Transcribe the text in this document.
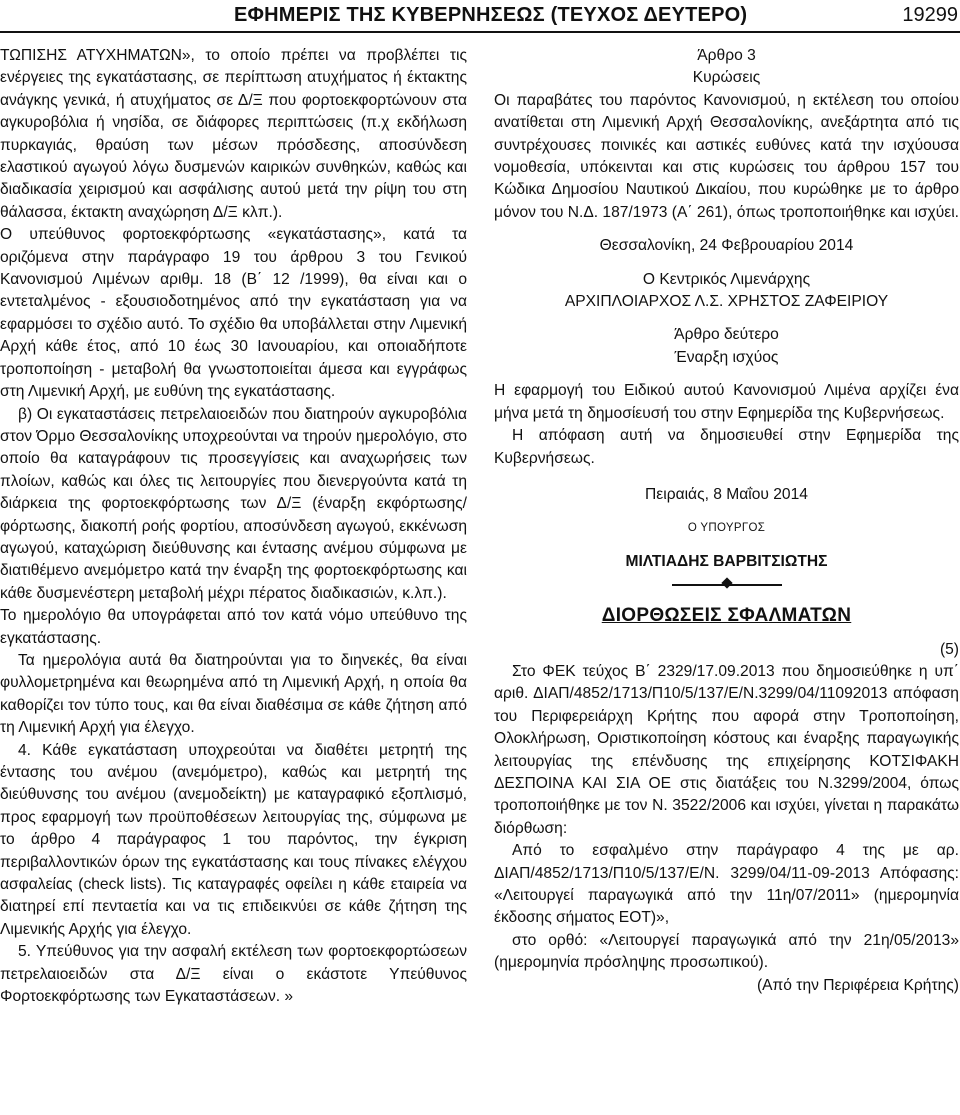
ΕΦΗΜΕΡΙΣ ΤΗΣ ΚΥΒΕΡΝΗΣΕΩΣ (ΤΕΥΧΟΣ ΔΕΥΤΕΡΟ)	19299

ΤΩΠΙΣΗΣ ΑΤΥΧΗΜΑΤΩΝ», το οποίο πρέπει να προβλέπει τις ενέργειες της εγκατάστασης, σε περίπτωση ατυχήματος ή έκτακτης ανάγκης γενικά, ή ατυχήματος σε Δ/Ξ που φορτοεκφορτώνουν στα αγκυροβόλια ή νησίδα, σε διάφορες περιπτώσεις (π.χ εκδήλωση πυρκαγιάς, θραύση των μέσων πρόσδεσης, αποσύνδεση ελαστικού αγωγού λόγω δυσμενών καιρικών συνθηκών, καθώς και διαδικασία χειρισμού και ασφάλισης αυτού μετά την ρίψη του στη θάλασσα, έκτακτη αναχώρηση Δ/Ξ κλπ.).

Ο υπεύθυνος φορτοεκφόρτωσης «εγκατάστασης», κατά τα οριζόμενα στην παράγραφο 19 του άρθρου 3 του Γενικού Κανονισμού Λιμένων αριθμ. 18 (Β΄ 12 /1999), θα είναι και ο εντεταλμένος - εξουσιοδοτημένος από την εγκατάσταση για να εφαρμόσει το σχέδιο αυτό. Το σχέδιο θα υποβάλλεται στην Λιμενική Αρχή κάθε έτος, από 10 έως 30 Ιανουαρίου, και οποιαδήποτε τροποποίηση - μεταβολή θα γνωστοποιείται άμεσα και εγγράφως στη Λιμενική Αρχή, με ευθύνη της εγκατάστασης.

β) Οι εγκαταστάσεις πετρελαιοειδών που διατηρούν αγκυροβόλια στον Όρμο Θεσσαλονίκης υποχρεούνται να τηρούν ημερολόγιο, στο οποίο θα καταγράφουν τις προσεγγίσεις και αναχωρήσεις των πλοίων, καθώς και όλες τις λειτουργίες που διενεργούντα κατά τη διάρκεια της φορτοεκφόρτωσης των Δ/Ξ (έναρξη εκφόρτωσης/φόρτωσης, διακοπή ροής φορτίου, αποσύνδεση αγωγού, εκκένωση αγωγού, καταχώριση διεύθυνσης και έντασης ανέμου σύμφωνα με διατιθέμενο ανεμόμετρο κατά την έναρξη της φορτοεκφόρτωσης και κάθε δυσμενέστερη μεταβολή μέχρι πέρατος διαδικασιών, κ.λπ.).

Το ημερολόγιο θα υπογράφεται από τον κατά νόμο υπεύθυνο της εγκατάστασης.

Τα ημερολόγια αυτά θα διατηρούνται για το διηνεκές, θα είναι φυλλομετρημένα και θεωρημένα από τη Λιμενική Αρχή, η οποία θα καθορίζει τον τύπο τους, και θα είναι διαθέσιμα σε κάθε ζήτηση από τη Λιμενική Αρχή για έλεγχο.

4. Κάθε εγκατάσταση υποχρεούται να διαθέτει μετρητή της έντασης του ανέμου (ανεμόμετρο), καθώς και μετρητή της διεύθυνσης του ανέμου (ανεμοδείκτη) με καταγραφικό εξοπλισμό, προς εφαρμογή των προϋποθέσεων λειτουργίας της, σύμφωνα με το άρθρο 4 παράγραφος 1 του παρόντος, την έγκριση περιβαλλοντικών όρων της εγκατάστασης και τους πίνακες ελέγχου ασφαλείας (check lists). Τις καταγραφές οφείλει η κάθε εταιρεία να διατηρεί επί πενταετία και να τις επιδεικνύει σε κάθε ζήτηση της Λιμενικής Αρχής για έλεγχο.

5. Υπεύθυνος για την ασφαλή εκτέλεση των φορτοεκφορτώσεων πετρελαιοειδών στα Δ/Ξ είναι ο εκάστοτε Υπεύθυνος Φορτοεκφόρτωσης των Εγκαταστάσεων. »

Άρθρο 3

Κυρώσεις

Οι παραβάτες του παρόντος Κανονισμού, η εκτέλεση του οποίου ανατίθεται στη Λιμενική Αρχή Θεσσαλονίκης, ανεξάρτητα από τις συντρέχουσες ποινικές και αστικές ευθύνες κατά την ισχύουσα νομοθεσία, υπόκεινται και στις κυρώσεις του άρθρου 157 του Κώδικα Δημοσίου Ναυτικού Δικαίου, που κυρώθηκε με το άρθρο μόνον του Ν.Δ. 187/1973 (Α΄ 261), όπως τροποποιήθηκε και ισχύει.

Θεσσαλονίκη, 24 Φεβρουαρίου 2014

Ο Κεντρικός Λιμενάρχης

ΑΡΧΙΠΛΟΙΑΡΧΟΣ Λ.Σ. ΧΡΗΣΤΟΣ ΖΑΦΕΙΡΙΟΥ

Άρθρο δεύτερο

Έναρξη ισχύος

Η εφαρμογή του Ειδικού αυτού Κανονισμού Λιμένα αρχίζει ένα μήνα μετά τη δημοσίευσή του στην Εφημερίδα της Κυβερνήσεως.

Η απόφαση αυτή να δημοσιευθεί στην Εφημερίδα της Κυβερνήσεως.

Πειραιάς, 8 Μαΐου 2014

Ο ΥΠΟΥΡΓΟΣ

ΜΙΛΤΙΑΔΗΣ ΒΑΡΒΙΤΣΙΩΤΗΣ

ΔΙΟΡΘΩΣΕΙΣ ΣΦΑΛΜΑΤΩΝ

(5)

Στο ΦΕΚ τεύχος Β΄ 2329/17.09.2013 που δημοσιεύθηκε η υπ΄ αριθ. ΔΙΑΠ/4852/1713/Π10/5/137/Ε/Ν.3299/04/11092013 απόφαση του Περιφερειάρχη Κρήτης που αφορά στην Τροποποίηση, Ολοκλήρωση, Οριστικοποίηση κόστους και έναρξης παραγωγικής λειτουργίας της επένδυσης της επιχείρησης ΚΟΤΣΙΦΑΚΗ ΔΕΣΠΟΙΝΑ ΚΑΙ ΣΙΑ ΟΕ στις διατάξεις του Ν.3299/2004, όπως τροποποιήθηκε με τον Ν. 3522/2006 και ισχύει, γίνεται η παρακάτω διόρθωση:

Από το εσφαλμένο στην παράγραφο 4 της με αρ. ΔΙΑΠ/4852/1713/Π10/5/137/Ε/Ν. 3299/04/11-09-2013 Απόφασης: «Λειτουργεί παραγωγικά από την 11η/07/2011» (ημερομηνία έκδοσης σήματος ΕΟΤ)»,

στο ορθό: «Λειτουργεί παραγωγικά από την 21η/05/2013» (ημερομηνία πρόσληψης προσωπικού).

(Από την Περιφέρεια Κρήτης)
